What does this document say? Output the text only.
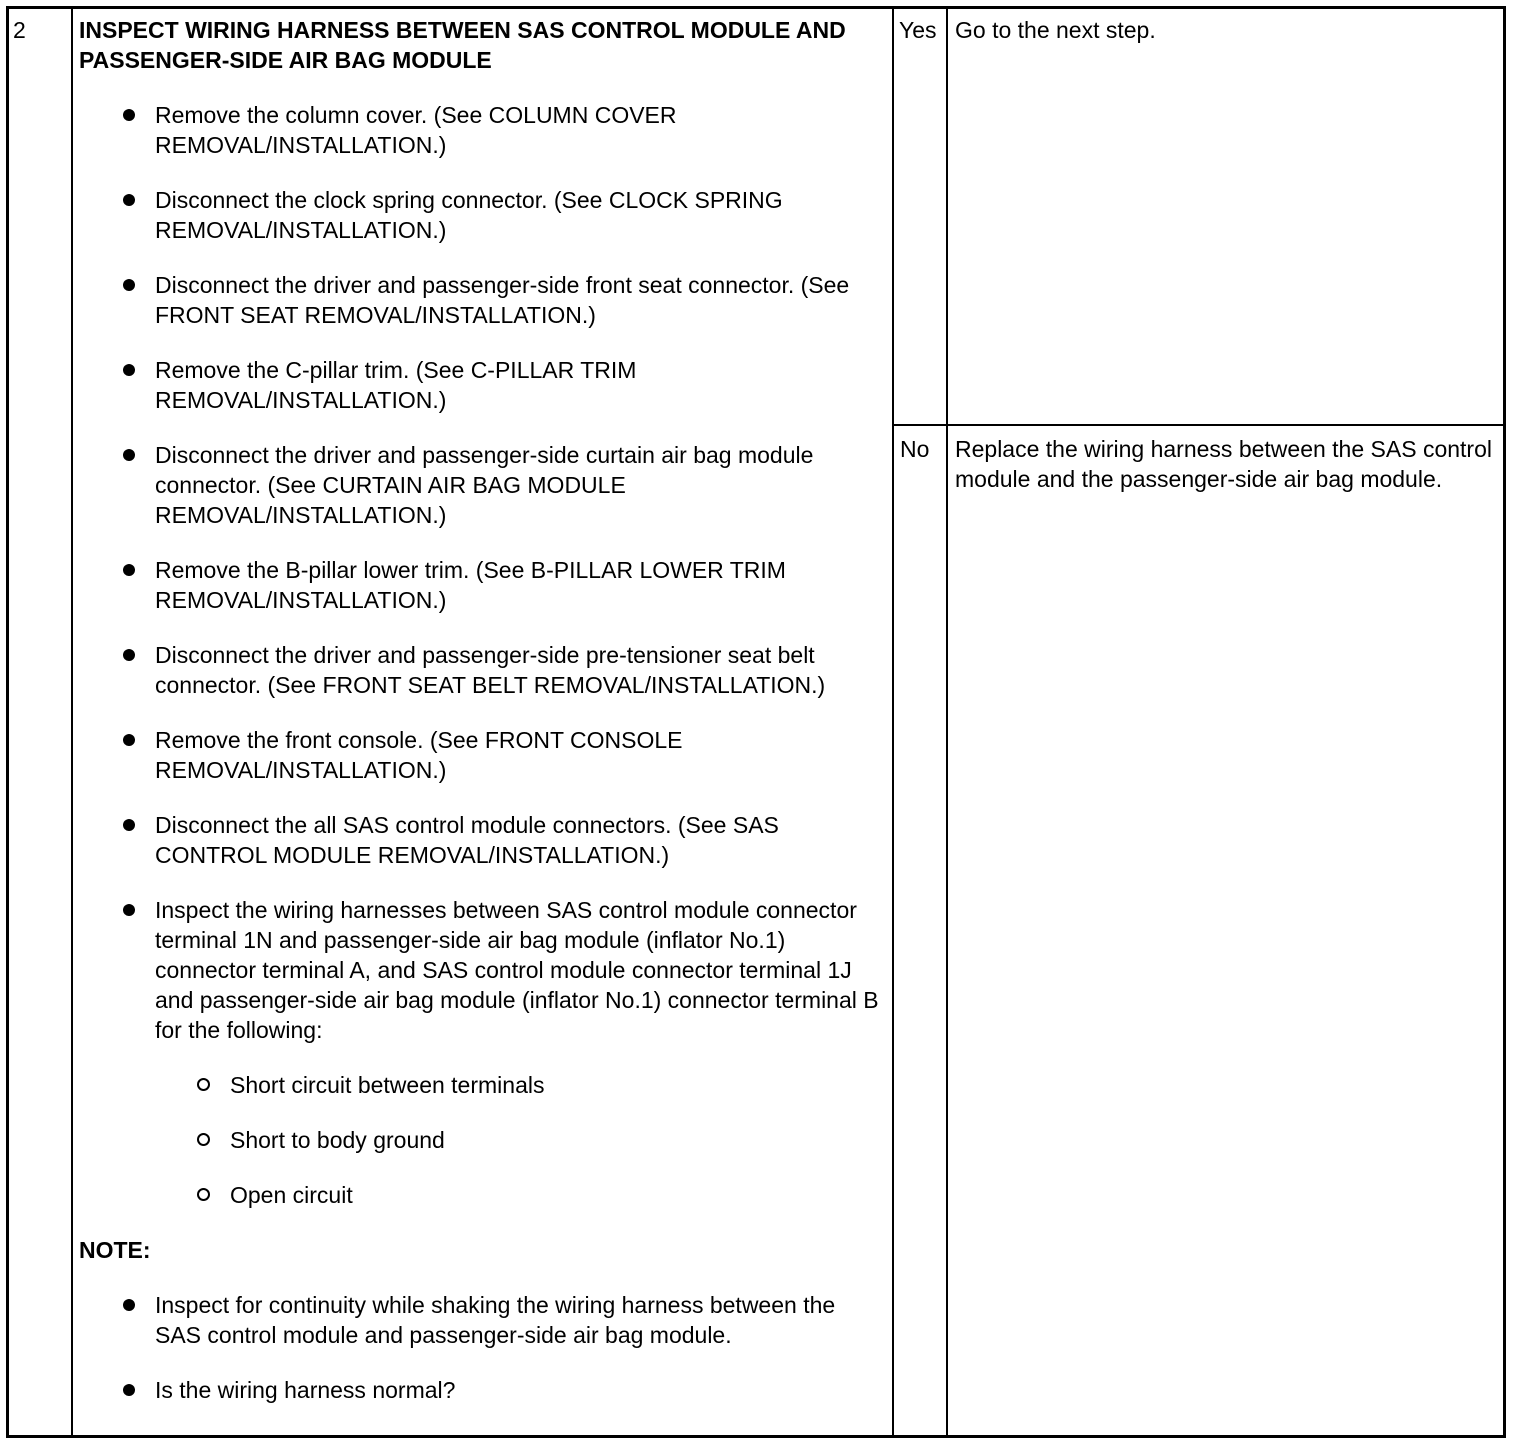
2 INSPECT WIRING HARNESS BETWEEN SAS CONTROL MODULE AND PASSENGER-SIDE AIR BAG MODULE
Remove the column cover. (See COLUMN COVER REMOVAL/INSTALLATION.)
Disconnect the clock spring connector. (See CLOCK SPRING REMOVAL/INSTALLATION.)
Disconnect the driver and passenger-side front seat connector. (See FRONT SEAT REMOVAL/INSTALLATION.)
Remove the C-pillar trim. (See C-PILLAR TRIM REMOVAL/INSTALLATION.)
Disconnect the driver and passenger-side curtain air bag module connector. (See CURTAIN AIR BAG MODULE REMOVAL/INSTALLATION.)
Remove the B-pillar lower trim. (See B-PILLAR LOWER TRIM REMOVAL/INSTALLATION.)
Disconnect the driver and passenger-side pre-tensioner seat belt connector. (See FRONT SEAT BELT REMOVAL/INSTALLATION.)
Remove the front console. (See FRONT CONSOLE REMOVAL/INSTALLATION.)
Disconnect the all SAS control module connectors. (See SAS CONTROL MODULE REMOVAL/INSTALLATION.)
Inspect the wiring harnesses between SAS control module connector terminal 1N and passenger-side air bag module (inflator No.1) connector terminal A, and SAS control module connector terminal 1J and passenger-side air bag module (inflator No.1) connector terminal B for the following:
Short circuit between terminals
Short to body ground
Open circuit
NOTE:
Inspect for continuity while shaking the wiring harness between the SAS control module and passenger-side air bag module.
Is the wiring harness normal?
Yes Go to the next step.
No Replace the wiring harness between the SAS control module and the passenger-side air bag module.
